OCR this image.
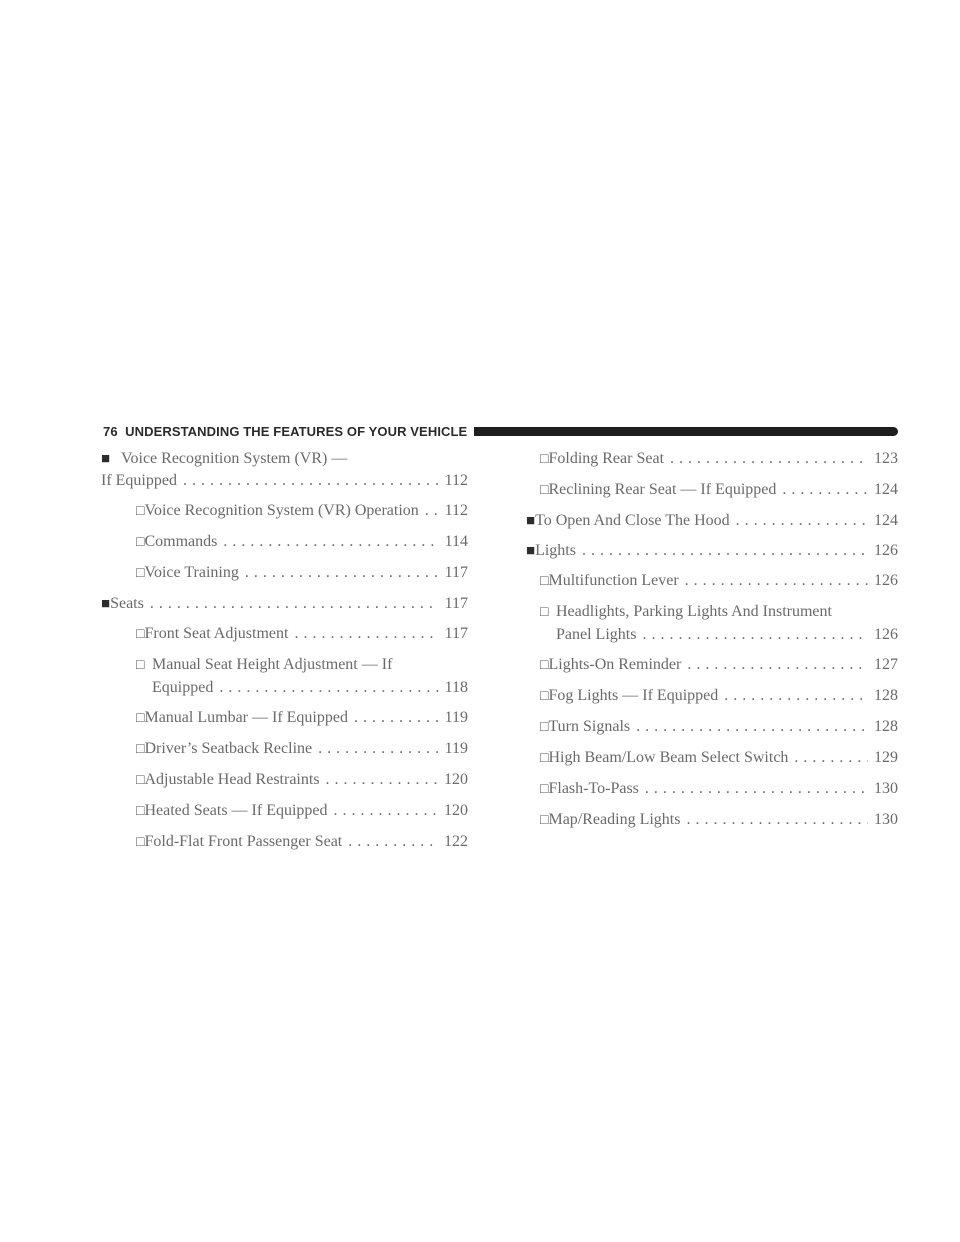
76 UNDERSTANDING THE FEATURES OF YOUR VEHICLE
■ Voice Recognition System (VR) —
If Equipped . . .	112
□ Voice Recognition System (VR) Operation . . . 112
□ Commands . . .	114
□ Voice Training . . .	117
■ Seats . . .	117
□ Front Seat Adjustment . . .	117
□ Manual Seat Height Adjustment — If
Equipped . . .	118
□ Manual Lumbar — If Equipped . . .	119
□ Driver’s Seatback Recline . . .	119
□ Adjustable Head Restraints . . .	120
□ Heated Seats — If Equipped . . .	120
□ Fold-Flat Front Passenger Seat . . .	122
□ Folding Rear Seat . . .	123
□ Reclining Rear Seat — If Equipped . . .	124
■ To Open And Close The Hood . . .	124
■ Lights . . .	126
□ Multifunction Lever . . .	126
□ Headlights, Parking Lights And Instrument
Panel Lights . . .	126
□ Lights-On Reminder . . .	127
□ Fog Lights — If Equipped . . .	128
□ Turn Signals . . .	128
□ High Beam/Low Beam Select Switch . . .	129
□ Flash-To-Pass . . .	130
□ Map/Reading Lights . . .	130
